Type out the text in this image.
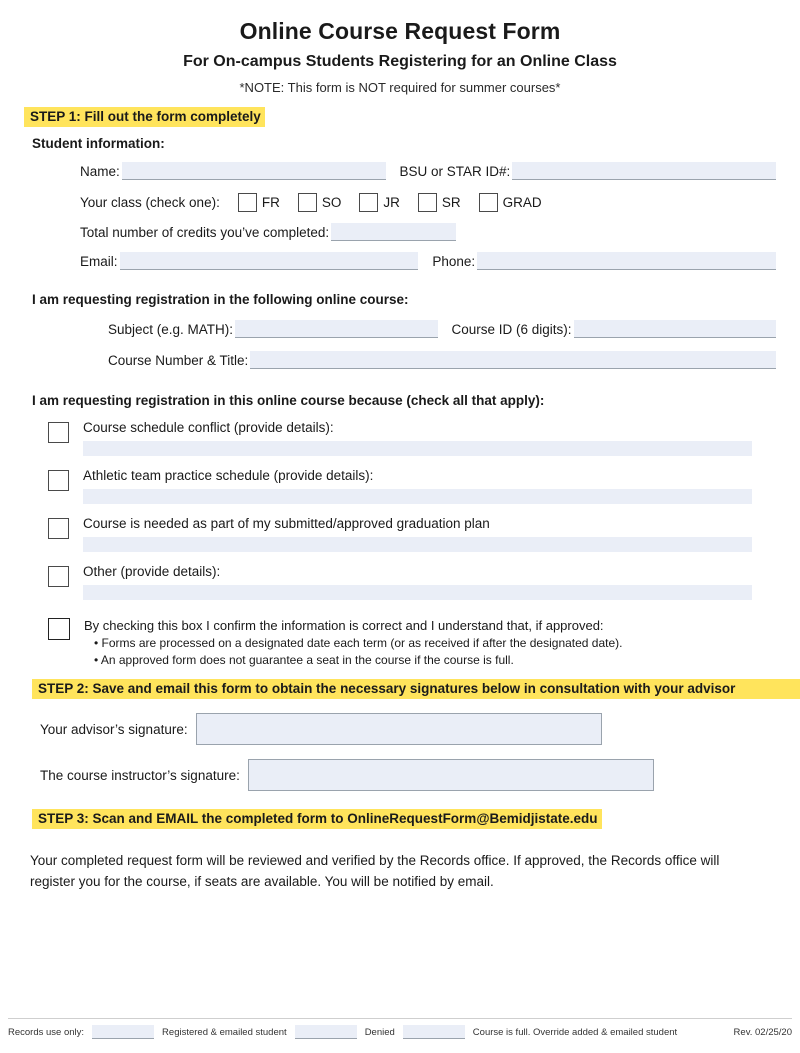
Online Course Request Form
For On-campus Students Registering for an Online Class
*NOTE: This form is NOT required for summer courses*
STEP 1: Fill out the form completely
Student information:
Name:	BSU or STAR ID#:
Your class (check one):	FR	SO	JR	SR	GRAD
Total number of credits you’ve completed:
Email:	Phone:
I am requesting registration in the following online course:
Subject (e.g. MATH):	Course ID (6 digits):
Course Number & Title:
I am requesting registration in this online course because (check all that apply):
Course schedule conflict (provide details):
Athletic team practice schedule (provide details):
Course is needed as part of my submitted/approved graduation plan
Other (provide details):
By checking this box I confirm the information is correct and I understand that, if approved:
• Forms are processed on a designated date each term (or as received if after the designated date).
• An approved form does not guarantee a seat in the course if the course is full.
STEP 2: Save and email this form to obtain the necessary signatures below in consultation with your advisor
Your advisor’s signature:
The course instructor’s signature:
STEP 3: Scan and EMAIL the completed form to OnlineRequestForm@Bemidjistate.edu
Your completed request form will be reviewed and verified by the Records office. If approved, the Records office will register you for the course, if seats are available. You will be notified by email.
Records use only:	Registered & emailed student	Denied	Course is full. Override added & emailed student	Rev. 02/25/20
